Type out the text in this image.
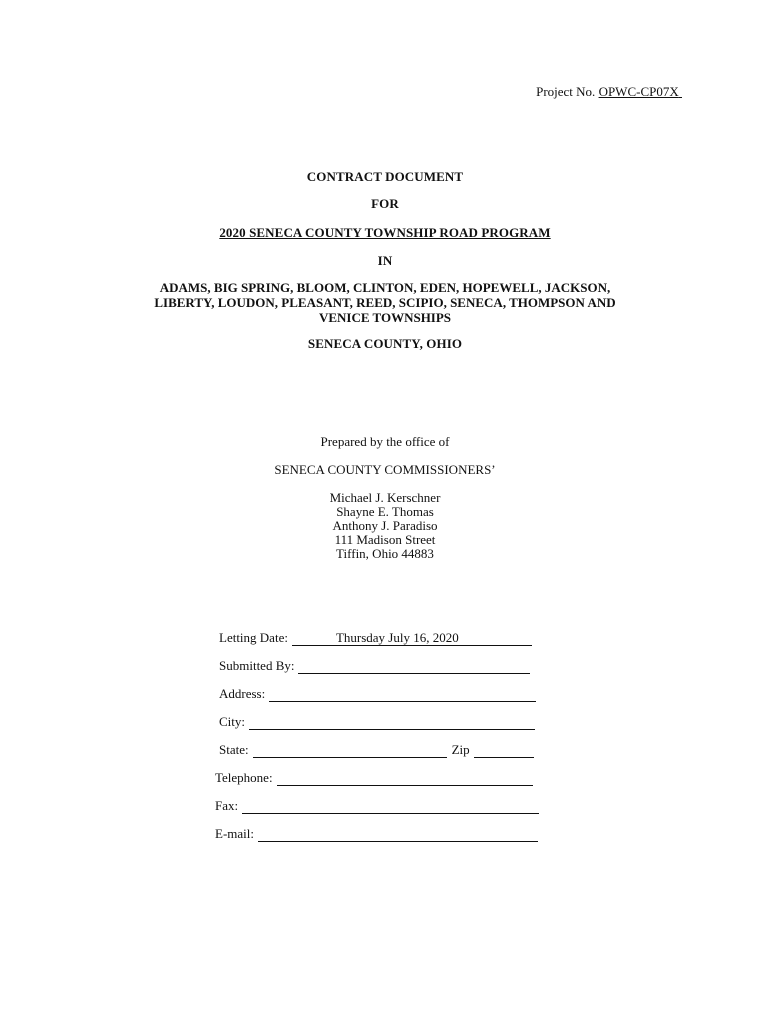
Project No. OPWC-CP07X
CONTRACT DOCUMENT
FOR
2020 SENECA COUNTY TOWNSHIP ROAD PROGRAM
IN
ADAMS, BIG SPRING, BLOOM, CLINTON, EDEN, HOPEWELL, JACKSON,
LIBERTY, LOUDON, PLEASANT, REED, SCIPIO, SENECA, THOMPSON AND
VENICE TOWNSHIPS
SENECA COUNTY, OHIO
Prepared by the office of
SENECA COUNTY COMMISSIONERS’
Michael J. Kerschner
Shayne E. Thomas
Anthony J. Paradiso
111 Madison Street
Tiffin, Ohio 44883
Letting Date:	Thursday July 16, 2020
Submitted By:
Address:
City:
State:	Zip
Telephone:
Fax:
E-mail:
